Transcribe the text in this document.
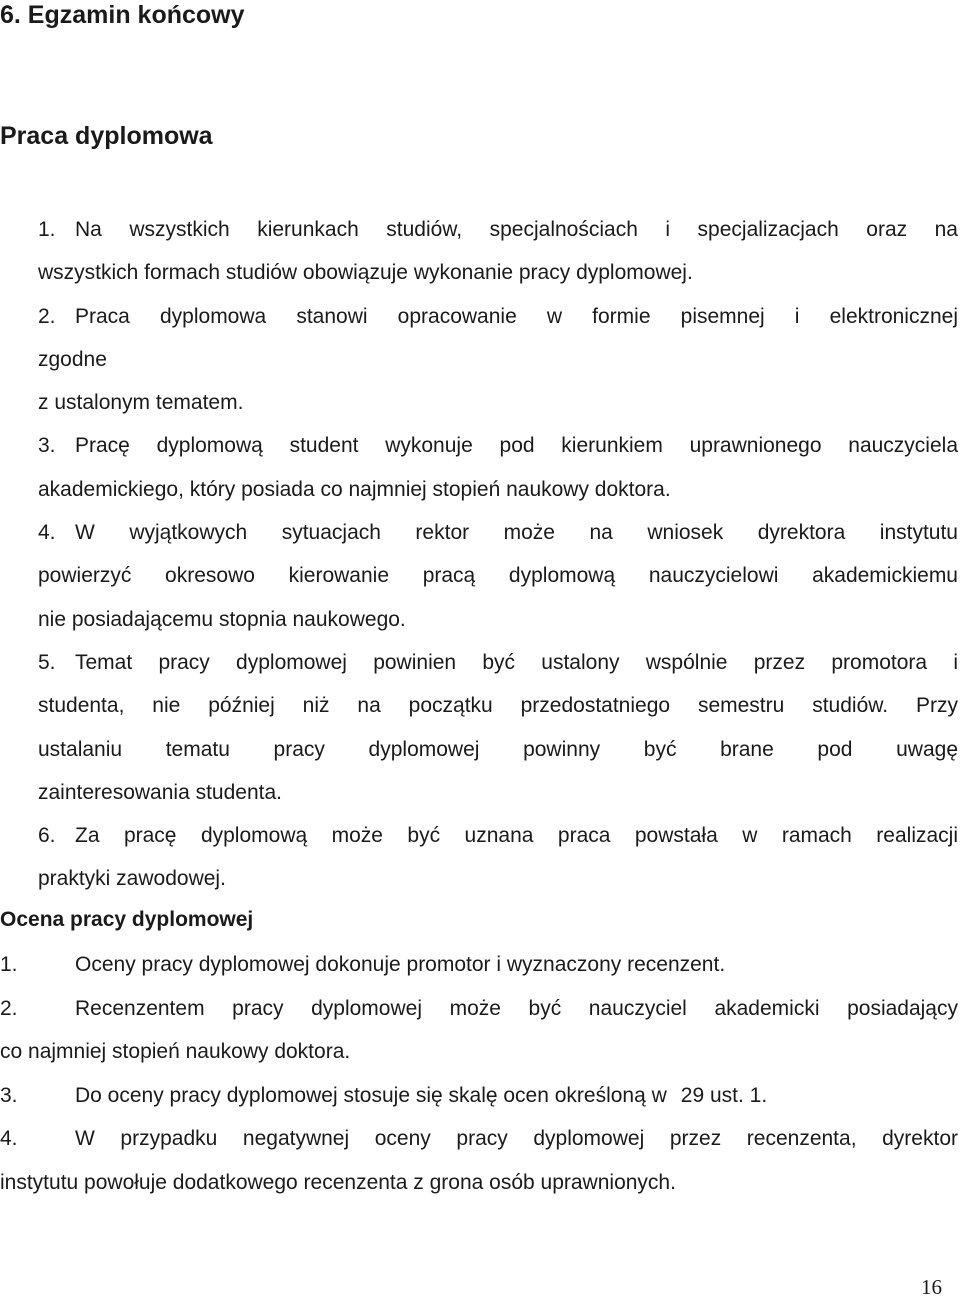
6. Egzamin końcowy
Praca dyplomowa

1. Na wszystkich kierunkach studiów, specjalnościach i specjalizacjach oraz na

wszystkich formach studiów obowiązuje wykonanie pracy dyplomowej.

2. Praca dyplomowa stanowi opracowanie w formie pisemnej i elektronicznej

zgodne

z ustalonym tematem.

3. Pracę dyplomową student wykonuje pod kierunkiem uprawnionego nauczyciela

akademickiego, który posiada co najmniej stopień naukowy doktora.

4. W wyjątkowych sytuacjach rektor może na wniosek dyrektora instytutu

powierzyć okresowo kierowanie pracą dyplomową nauczycielowi akademickiemu

nie posiadającemu stopnia naukowego.

5. Temat pracy dyplomowej powinien być ustalony wspólnie przez promotora i

studenta, nie później niż na początku przedostatniego semestru studiów. Przy

ustalaniu tematu pracy dyplomowej powinny być brane pod uwagę

zainteresowania studenta.

6. Za pracę dyplomową może być uznana praca powstała w ramach realizacji

praktyki zawodowej.

Ocena pracy dyplomowej

1.	Oceny pracy dyplomowej dokonuje promotor i wyznaczony recenzent.

2.	Recenzentem pracy dyplomowej może być nauczyciel akademicki posiadający

co najmniej stopień naukowy doktora.

3.	Do oceny pracy dyplomowej stosuje się skalę ocen określoną w 29 ust. 1.

4.	W przypadku negatywnej oceny pracy dyplomowej przez recenzenta, dyrektor

instytutu powołuje dodatkowego recenzenta z grona osób uprawnionych.

16
